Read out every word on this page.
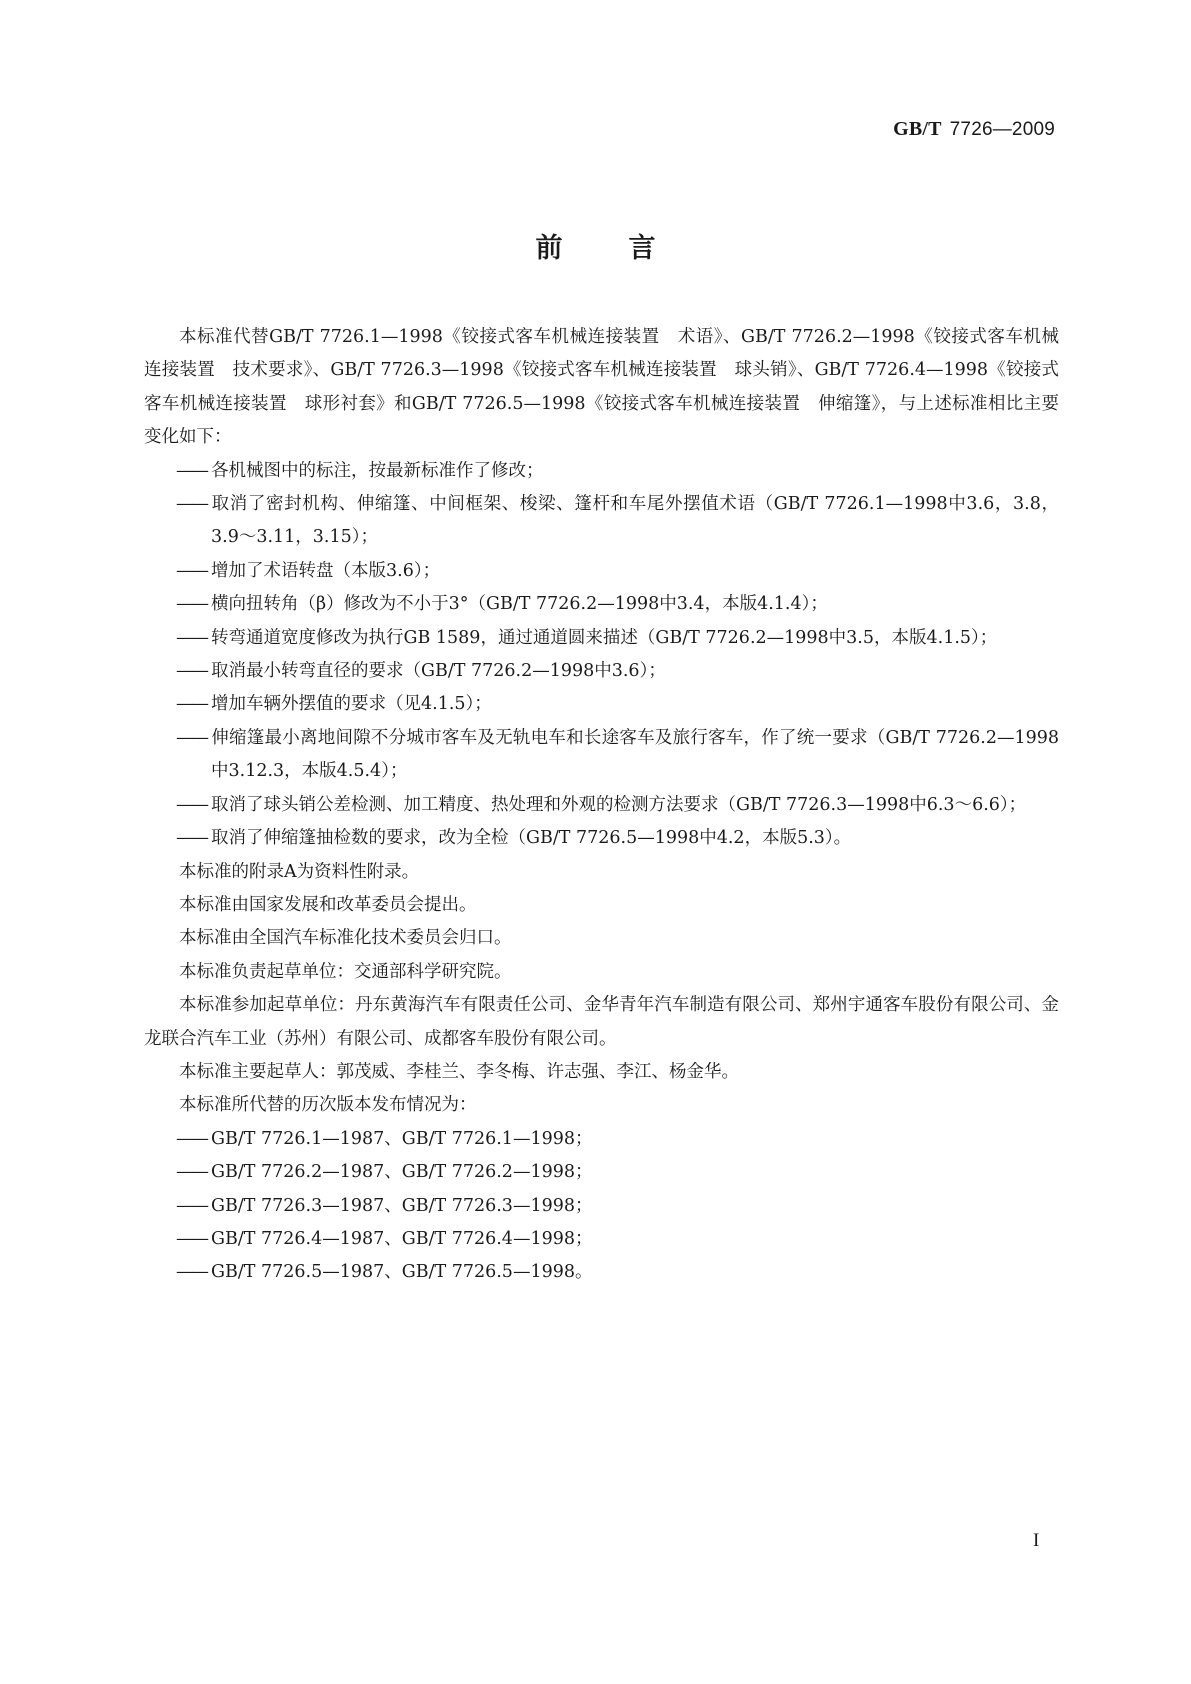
GB/T 7726—2009
前 言

本标准代替GB/T 7726.1—1998《铰接式客车机械连接装置　术语》、GB/T 7726.2—1998《铰接式客车机械连接装置　技术要求》、GB/T 7726.3—1998《铰接式客车机械连接装置　球头销》、GB/T 7726.4—1998《铰接式客车机械连接装置　球形衬套》和GB/T 7726.5—1998《铰接式客车机械连接装置　伸缩篷》，与上述标准相比主要变化如下：

—— 各机械图中的标注，按最新标准作了修改；

—— 取消了密封机构、伸缩篷、中间框架、梭梁、篷杆和车尾外摆值术语（GB/T 7726.1—1998中3.6，3.8，3.9～3.11，3.15）；

—— 增加了术语转盘（本版3.6）；

—— 横向扭转角（β）修改为不小于3°（GB/T 7726.2—1998中3.4，本版4.1.4）；

—— 转弯通道宽度修改为执行GB 1589，通过通道圆来描述（GB/T 7726.2—1998中3.5，本版4.1.5）；

—— 取消最小转弯直径的要求（GB/T 7726.2—1998中3.6）；

—— 增加车辆外摆值的要求（见4.1.5）；

—— 伸缩篷最小离地间隙不分城市客车及无轨电车和长途客车及旅行客车，作了统一要求（GB/T 7726.2—1998中3.12.3，本版4.5.4）；

—— 取消了球头销公差检测、加工精度、热处理和外观的检测方法要求（GB/T 7726.3—1998中6.3～6.6）；

—— 取消了伸缩篷抽检数的要求，改为全检（GB/T 7726.5—1998中4.2，本版5.3）。

本标准的附录A为资料性附录。

本标准由国家发展和改革委员会提出。

本标准由全国汽车标准化技术委员会归口。

本标准负责起草单位：交通部科学研究院。

本标准参加起草单位：丹东黄海汽车有限责任公司、金华青年汽车制造有限公司、郑州宇通客车股份有限公司、金龙联合汽车工业（苏州）有限公司、成都客车股份有限公司。

本标准主要起草人：郭茂威、李桂兰、李冬梅、许志强、李江、杨金华。

本标准所代替的历次版本发布情况为：

—— GB/T 7726.1—1987、GB/T 7726.1—1998；

—— GB/T 7726.2—1987、GB/T 7726.2—1998；

—— GB/T 7726.3—1987、GB/T 7726.3—1998；

—— GB/T 7726.4—1987、GB/T 7726.4—1998；

—— GB/T 7726.5—1987、GB/T 7726.5—1998。

I
